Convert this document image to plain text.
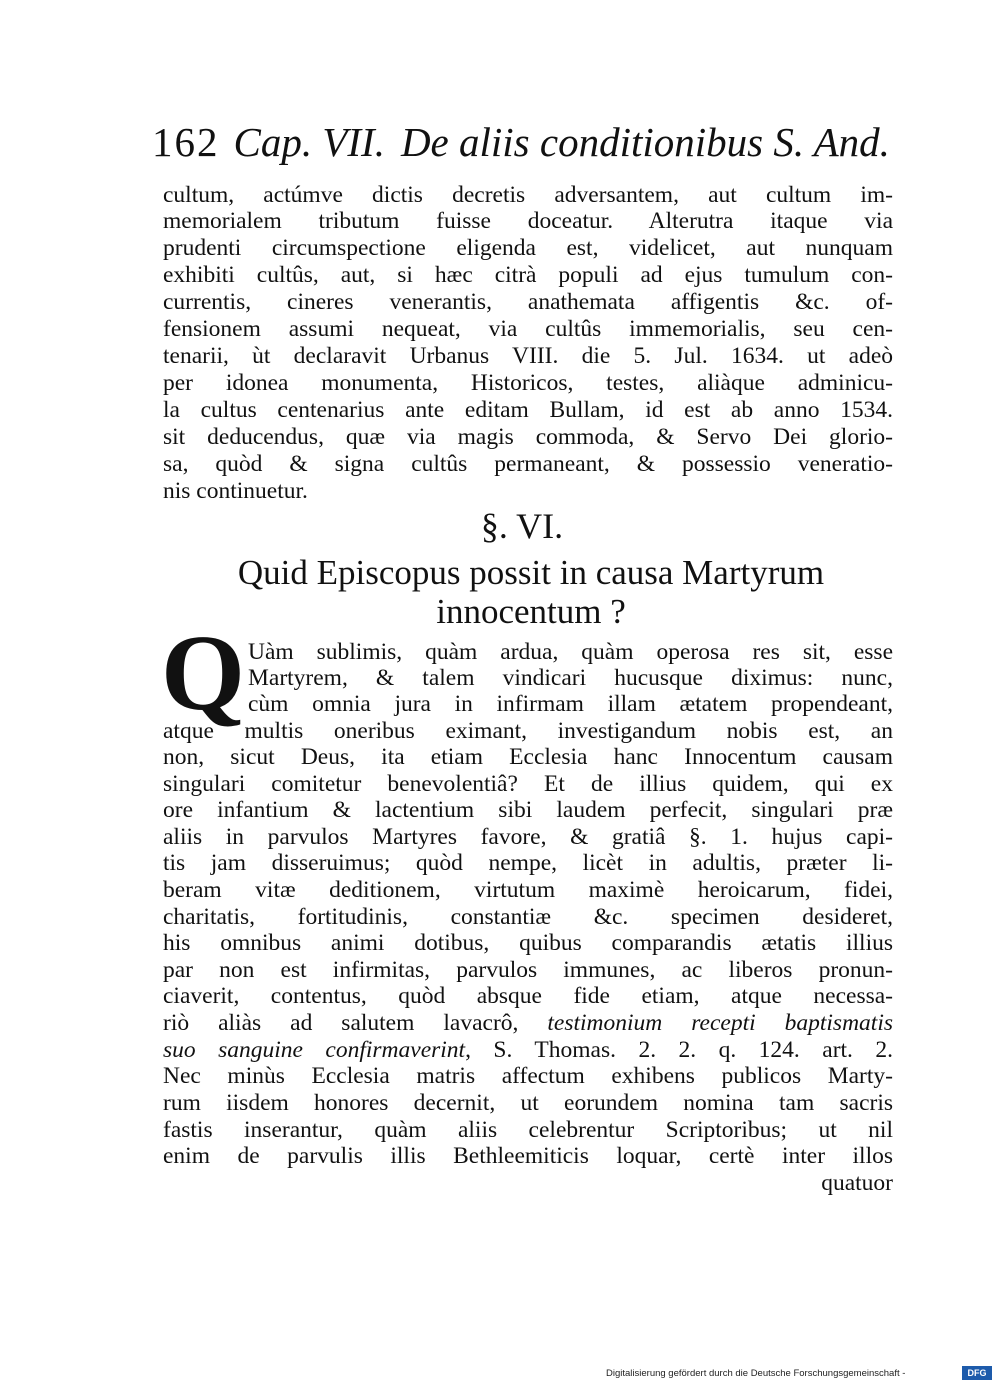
162 Cap. VII. De aliis conditionibus S. And.
cultum, actúmve dictis decretis adversantem, aut cultum im-
memorialem tributum fuisse doceatur. Alterutra itaque via
prudenti circumspectione eligenda est, videlicet, aut nunquam
exhibiti cultûs, aut, si hæc citrà populi ad ejus tumulum con-
currentis, cineres venerantis, anathemata affigentis &c. of-
fensionem assumi nequeat, via cultûs immemorialis, seu cen-
tenarii, ùt declaravit Urbanus VIII. die 5. Jul. 1634. ut adeò
per idonea monumenta, Historicos, testes, aliàque adminicu-
la cultus centenarius ante editam Bullam, id est ab anno 1534.
sit deducendus, quæ via magis commoda, & Servo Dei glorio-
sa, quòd & signa cultûs permaneant, & possessio veneratio-
nis continuetur.
§. VI.
Quid Episcopus possit in causa Martyrum
innocentum ?
Q Uàm sublimis, quàm ardua, quàm operosa res sit, esse
Martyrem, & talem vindicari hucusque diximus: nunc,
cùm omnia jura in infirmam illam ætatem propendeant,
atque multis oneribus eximant, investigandum nobis est, an
non, sicut Deus, ita etiam Ecclesia hanc Innocentum causam
singulari comitetur benevolentiâ? Et de illius quidem, qui ex
ore infantium & lactentium sibi laudem perfecit, singulari præ
aliis in parvulos Martyres favore, & gratiâ §. 1. hujus capi-
tis jam disseruimus; quòd nempe, licèt in adultis, præter li-
beram vitæ deditionem, virtutum maximè heroicarum, fidei,
charitatis, fortitudinis, constantiæ &c. specimen desideret,
his omnibus animi dotibus, quibus comparandis ætatis illius
par non est infirmitas, parvulos immunes, ac liberos pronun-
ciaverit, contentus, quòd absque fide etiam, atque necessa-
riò aliàs ad salutem lavacrô, testimonium recepti baptismatis
suo sanguine confirmaverint, S. Thomas. 2. 2. q. 124. art. 2.
Nec minùs Ecclesia matris affectum exhibens publicos Marty-
rum iisdem honores decernit, ut eorundem nomina tam sacris
fastis inserantur, quàm aliis celebrentur Scriptoribus; ut nil
enim de parvulis illis Bethleemiticis loquar, certè inter illos
quatuor
Digitalisierung gefördert durch die Deutsche Forschungsgemeinschaft -	DFG
